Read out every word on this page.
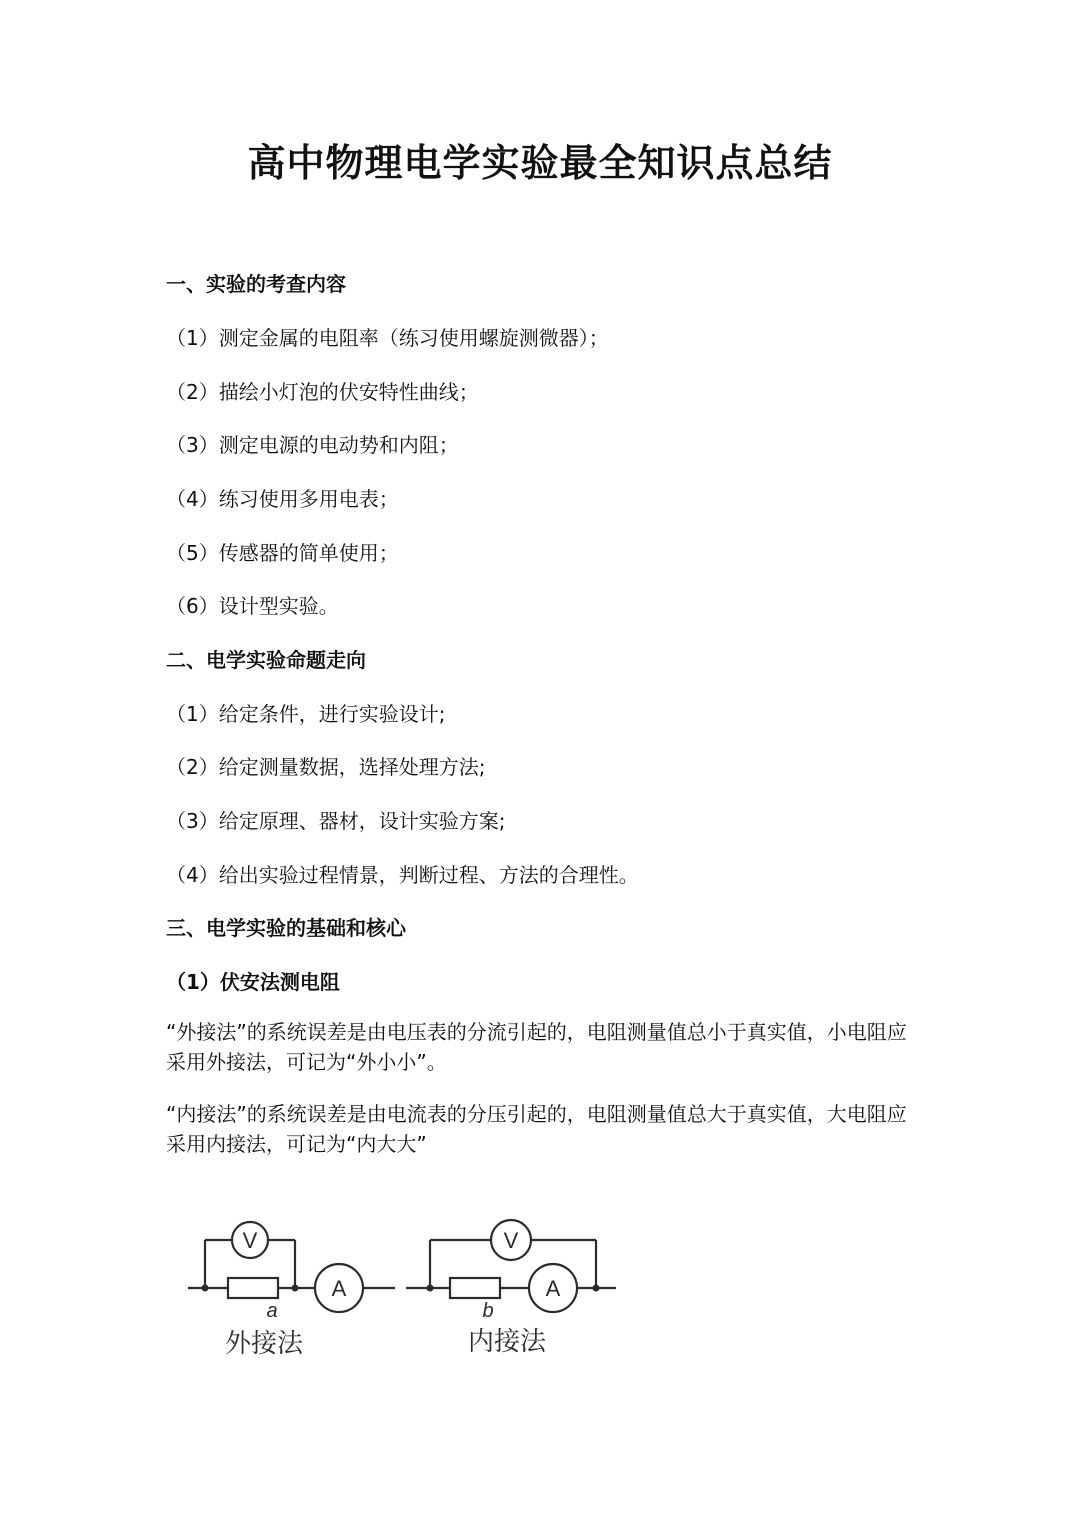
高中物理电学实验最全知识点总结
一、实验的考查内容
（1）测定金属的电阻率（练习使用螺旋测微器）；
（2）描绘小灯泡的伏安特性曲线；
（3）测定电源的电动势和内阻；
（4）练习使用多用电表；
（5）传感器的简单使用；
（6）设计型实验。
二、电学实验命题走向
（1）给定条件，进行实验设计;
（2）给定测量数据，选择处理方法;
（3）给定原理、器材，设计实验方案;
（4）给出实验过程情景，判断过程、方法的合理性。
三、电学实验的基础和核心
（1）伏安法测电阻
“外接法”的系统误差是由电压表的分流引起的，电阻测量值总小于真实值，小电阻应采用外接法，可记为“外小小”。
“内接法”的系统误差是由电流表的分压引起的，电阻测量值总大于真实值，大电阻应采用内接法，可记为“内大大”
V
A
V
A
a	b
外接法	内接法
